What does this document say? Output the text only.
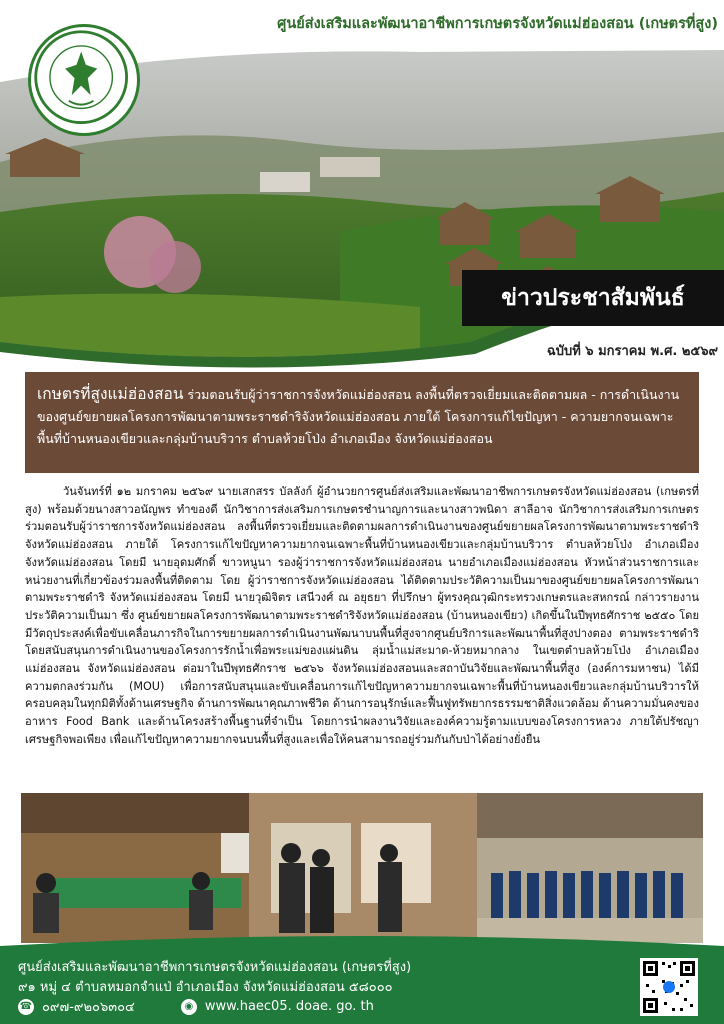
ศูนย์ส่งเสริมและพัฒนาอาชีพการเกษตรจังหวัดแม่ฮ่องสอน (เกษตรที่สูง)
ข่าวประชาสัมพันธ์
ฉบับที่ ๖ มกราคม พ.ศ. ๒๕๖๙
เกษตรที่สูงแม่ฮ่องสอน ร่วมตอนรับผู้ว่าราชการจังหวัดแม่ฮ่องสอน ลงพื้นที่ตรวจเยี่ยมและติดตามผล - การดำเนินงานของศูนย์ขยายผลโครงการพัฒนาตามพระราชดำริจังหวัดแม่ฮ่องสอน ภายใต้ โครงการแก้ไขปัญหา - ความยากจนเฉพาะพื้นที่บ้านหนองเขียวและกลุ่มบ้านบริวาร ตำบลห้วยโป่ง อำเภอเมือง จังหวัดแม่ฮ่องสอน
วันจันทร์ที่ ๑๒ มกราคม ๒๕๖๙ นายเสกสรร บัลลังก์ ผู้อำนวยการศูนย์ส่งเสริมและพัฒนาอาชีพการเกษตรจังหวัดแม่ฮ่องสอน (เกษตรที่สูง) พร้อมด้วยนางสาวอนัญพร ทำของดี นักวิชาการส่งเสริมการเกษตรชำนาญการและนางสาวพนิดา สาลีอาจ นักวิชาการส่งเสริมการเกษตร ร่วมตอนรับผู้ว่าราชการจังหวัดแม่ฮ่องสอน ลงพื้นที่ตรวจเยี่ยมและติดตามผลการดำเนินงานของศูนย์ขยายผลโครงการพัฒนาตามพระราชดำริจังหวัดแม่ฮ่องสอน ภายใต้ โครงการแก้ไขปัญหาความยากจนเฉพาะพื้นที่บ้านหนองเขียวและกลุ่มบ้านบริวาร ตำบลห้วยโป่ง อำเภอเมือง จังหวัดแม่ฮ่องสอน โดยมี นายอุดมศักดิ์ ขาวหนูนา รองผู้ว่าราชการจังหวัดแม่ฮ่องสอน นายอำเภอเมืองแม่ฮ่องสอน หัวหน้าส่วนราชการและหน่วยงานที่เกี่ยวข้องร่วมลงพื้นที่ติดตาม โดย ผู้ว่าราชการจังหวัดแม่ฮ่องสอน ได้ติดตามประวัติความเป็นมาของศูนย์ขยายผลโครงการพัฒนาตามพระราชดำริ จังหวัดแม่ฮ่องสอน โดยมี นายวุฒิจิตร เสนีวงศ์ ณ อยุธยา ที่ปรึกษา ผู้ทรงคุณวุฒิกระทรวงเกษตรและสหกรณ์ กล่าวรายงานประวัติความเป็นมา ซึ่ง ศูนย์ขยายผลโครงการพัฒนาตามพระราชดำริจังหวัดแม่ฮ่องสอน (บ้านหนองเขียว) เกิดขึ้นในปีพุทธศักราช ๒๕๕๐ โดยมีวัตถุประสงค์เพื่อขับเคลื่อนภารกิจในการขยายผลการดำเนินงานพัฒนาบนพื้นที่สูงจากศูนย์บริการและพัฒนาพื้นที่สูงปางตอง ตามพระราชดำริ โดยสนับสนุนการดำเนินงานของโครงการรักน้ำเพื่อพระแม่ของแผ่นดิน ลุ่มน้ำแม่สะมาด-ห้วยหมากลาง ในเขตตำบลห้วยโป่ง อำเภอเมืองแม่ฮ่องสอน จังหวัดแม่ฮ่องสอน ต่อมาในปีพุทธศักราช ๒๕๖๖ จังหวัดแม่ฮ่องสอนและสถาบันวิจัยและพัฒนาพื้นที่สูง (องค์การมหาชน) ได้มีความตกลงร่วมกัน (MOU) เพื่อการสนับสนุนและขับเคลื่อนการแก้ไขปัญหาความยากจนเฉพาะพื้นที่บ้านหนองเขียวและกลุ่มบ้านบริวารให้ครอบคลุมในทุกมิติทั้งด้านเศรษฐกิจ ด้านการพัฒนาคุณภาพชีวิต ด้านการอนุรักษ์และฟื้นฟูทรัพยากรธรรมชาติสิ่งแวดล้อม ด้านความมั่นคงของอาหาร Food Bank และด้านโครงสร้างพื้นฐานที่จำเป็น โดยการนำผลงานวิจัยและองค์ความรู้ตามแบบของโครงการหลวง ภายใต้ปรัชญาเศรษฐกิจพอเพียง เพื่อแก้ไขปัญหาความยากจนบนพื้นที่สูงและเพื่อให้คนสามารถอยู่ร่วมกันกับป่าได้อย่างยั่งยืน
ศูนย์ส่งเสริมและพัฒนาอาชีพการเกษตรจังหวัดแม่ฮ่องสอน (เกษตรที่สูง)
๙๑ หมู่ ๔ ตำบลหมอกจำแป่ อำเภอเมือง จังหวัดแม่ฮ่องสอน ๕๘๐๐๐
☎ ๐๙๗-๙๒๐๖๓๐๔	◉ www.haec05. doae. go. th
